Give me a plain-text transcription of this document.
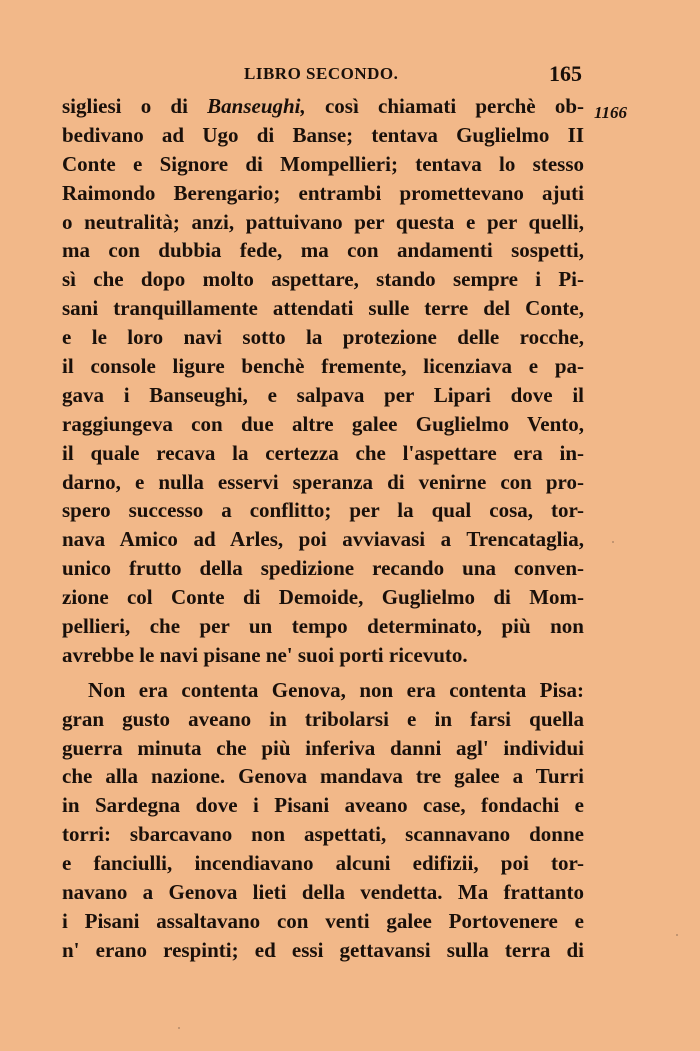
LIBRO SECONDO.	165
1166
sigliesi o di Banseughi, così chiamati perchè ob-
bedivano ad Ugo di Banse; tentava Guglielmo II
Conte e Signore di Mompellieri; tentava lo stesso
Raimondo Berengario; entrambi promettevano ajuti
o neutralità; anzi, pattuivano per questa e per quelli,
ma con dubbia fede, ma con andamenti sospetti,
sì che dopo molto aspettare, stando sempre i Pi-
sani tranquillamente attendati sulle terre del Conte,
e le loro navi sotto la protezione delle rocche,
il console ligure benchè fremente, licenziava e pa-
gava i Banseughi, e salpava per Lipari dove il
raggiungeva con due altre galee Guglielmo Vento,
il quale recava la certezza che l'aspettare era in-
darno, e nulla esservi speranza di venirne con pro-
spero successo a conflitto; per la qual cosa, tor-
nava Amico ad Arles, poi avviavasi a Trencataglia,
unico frutto della spedizione recando una conven-
zione col Conte di Demoide, Guglielmo di Mom-
pellieri, che per un tempo determinato, più non
avrebbe le navi pisane ne' suoi porti ricevuto.
Non era contenta Genova, non era contenta Pisa:
gran gusto aveano in tribolarsi e in farsi quella
guerra minuta che più inferiva danni agl' individui
che alla nazione. Genova mandava tre galee a Turri
in Sardegna dove i Pisani aveano case, fondachi e
torri: sbarcavano non aspettati, scannavano donne
e fanciulli, incendiavano alcuni edifizii, poi tor-
navano a Genova lieti della vendetta. Ma frattanto
i Pisani assaltavano con venti galee Portovenere e
n' erano respinti; ed essi gettavansi sulla terra di
